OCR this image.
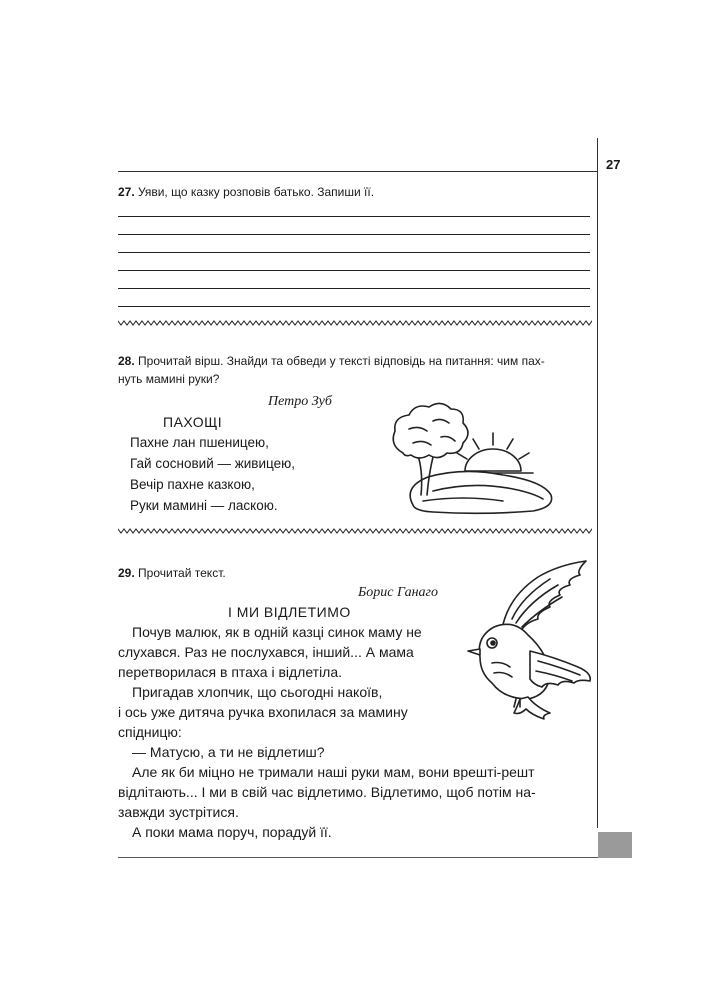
27
27. Уяви, що казку розповів батько. Запиши її.
28. Прочитай вірш. Знайди та обведи у тексті відповідь на питання: чим пах-
нуть мамині руки?
Петро Зуб
ПАХОЩІ
Пахне лан пшеницею,
Гай сосновий — живицею,
Вечір пахне казкою,
Руки мамині — ласкою.
29. Прочитай текст.
Борис Ганаго
І МИ ВІДЛЕТИМО

Почув малюк, як в одній казці синок маму не

слухався. Раз не послухався, інший... А мама
перетворилася в птаха і відлетіла.

Пригадав хлопчик, що сьогодні накоїв,

і ось уже дитяча ручка вхопилася за мамину
спідницю:

— Матусю, а ти не відлетиш?

Але як би міцно не тримали наші руки мам, вони врешті-решт

відлітають... І ми в свій час відлетимо. Відлетимо, щоб потім на-
завжди зустрітися.

А поки мама поруч, порадуй її.
